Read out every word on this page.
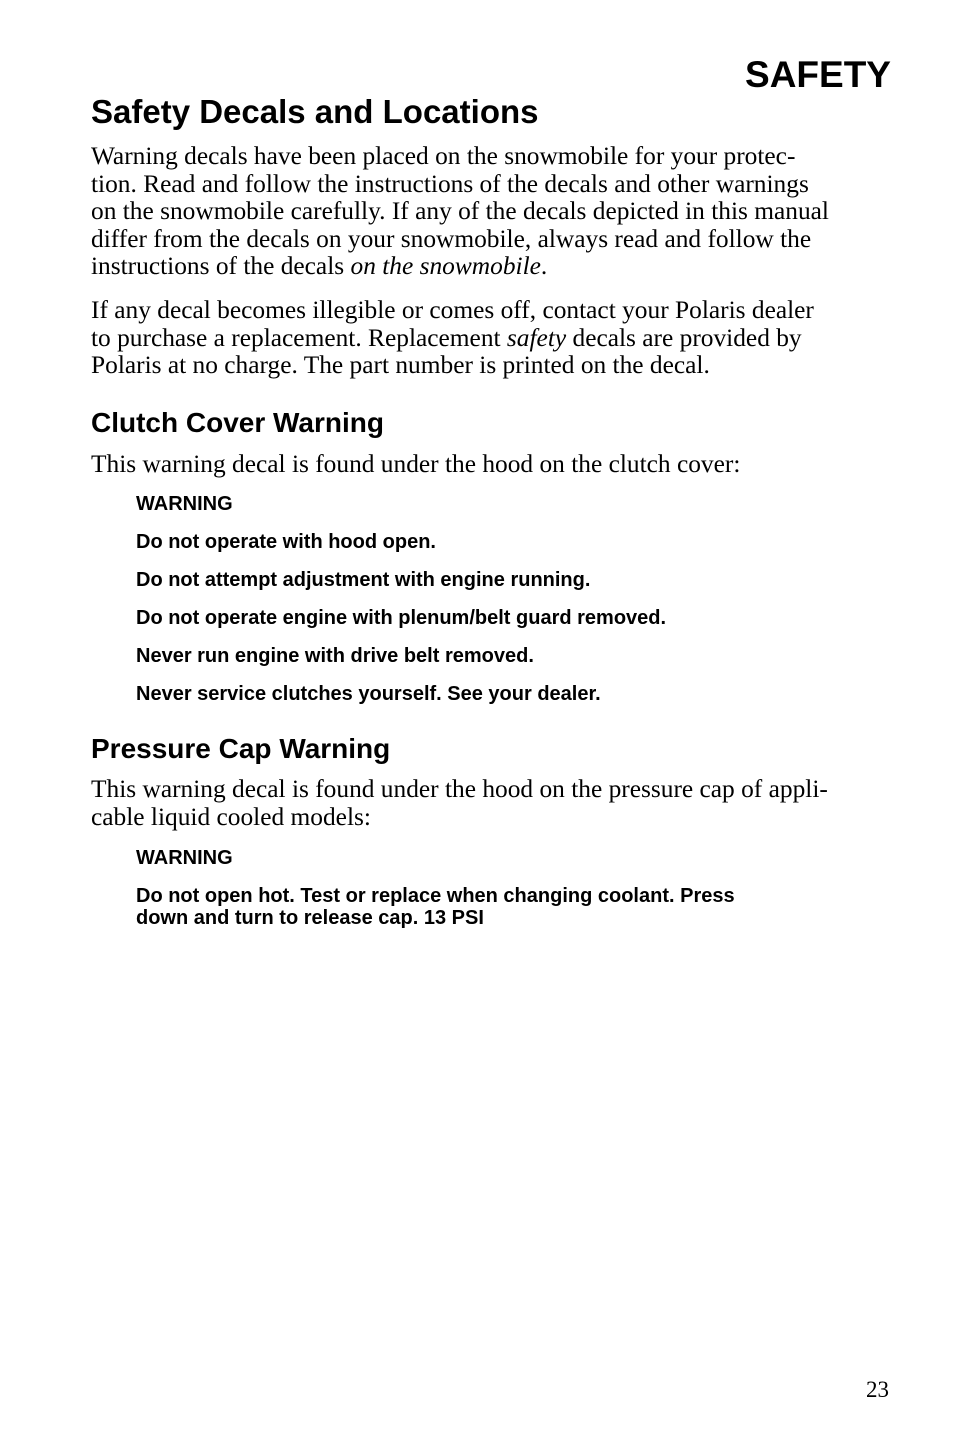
SAFETY
Safety Decals and Locations

Warning decals have been placed on the snowmobile for your protec-
tion. Read and follow the instructions of the decals and other warnings
on the snowmobile carefully. If any of the decals depicted in this manual
differ from the decals on your snowmobile, always read and follow the
instructions of the decals on the snowmobile.

If any decal becomes illegible or comes off, contact your Polaris dealer
to purchase a replacement. Replacement safety decals are provided by
Polaris at no charge. The part number is printed on the decal.

Clutch Cover Warning

This warning decal is found under the hood on the clutch cover:

WARNING

Do not operate with hood open.

Do not attempt adjustment with engine running.

Do not operate engine with plenum/belt guard removed.

Never run engine with drive belt removed.

Never service clutches yourself. See your dealer.

Pressure Cap Warning

This warning decal is found under the hood on the pressure cap of appli-
cable liquid cooled models:

WARNING

Do not open hot. Test or replace when changing coolant. Press
down and turn to release cap. 13 PSI

23
